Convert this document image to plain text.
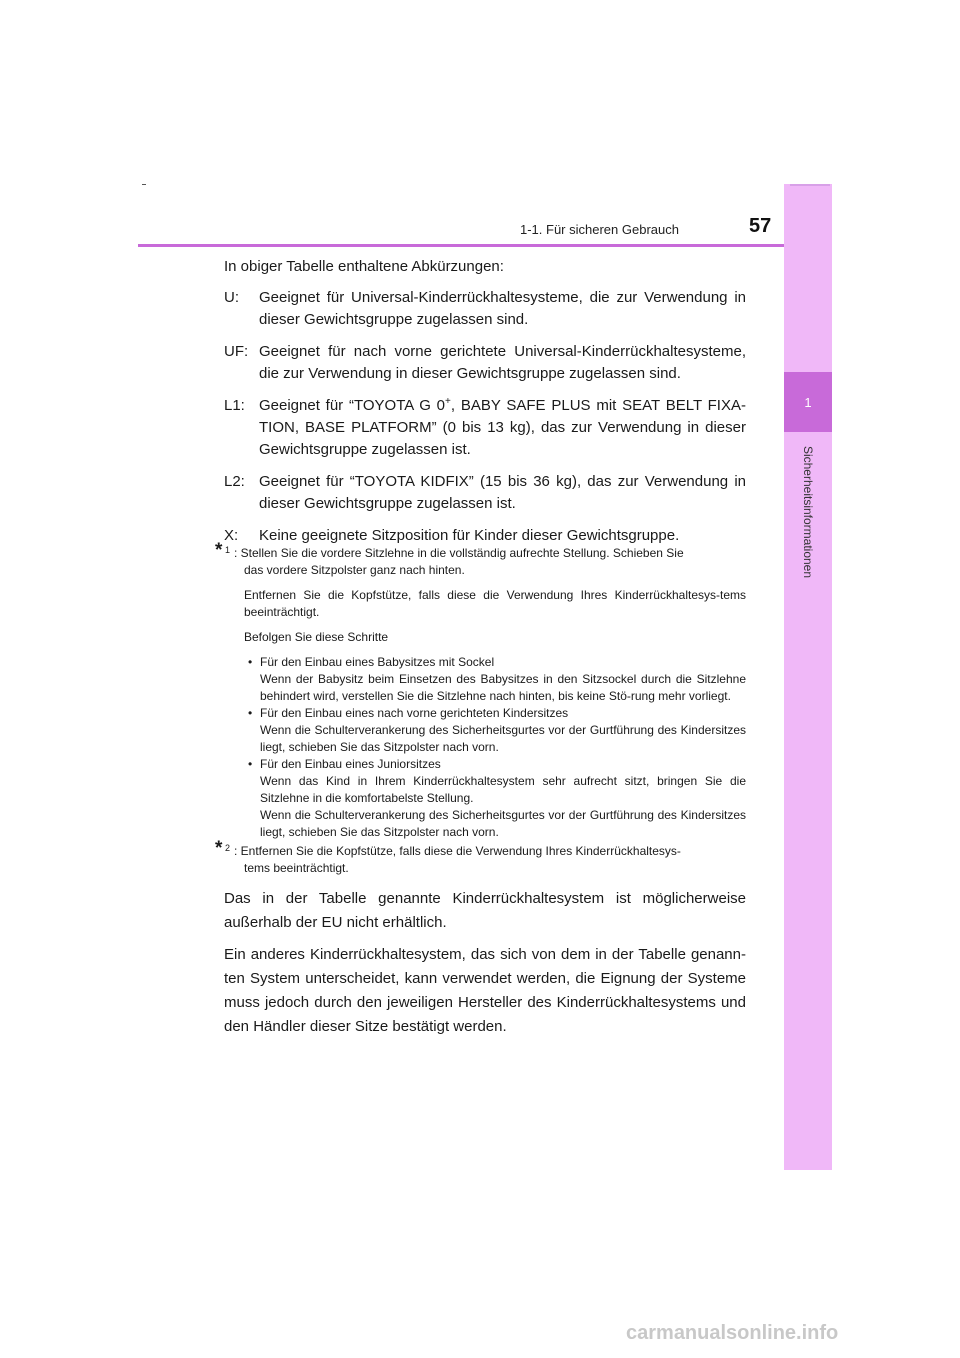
1-1. Für sicheren Gebrauch	57
1
Sicherheitsinformationen

In obiger Tabelle enthaltene Abkürzungen:

U:	Geeignet für Universal-Kinderrückhaltesysteme, die zur Verwendung in dieser Gewichtsgruppe zugelassen sind.
UF: Geeignet für nach vorne gerichtete Universal-Kinderrückhaltesysteme, die zur Verwendung in dieser Gewichtsgruppe zugelassen sind.
L1: Geeignet für “TOYOTA G 0+, BABY SAFE PLUS mit SEAT BELT FIXA-TION, BASE PLATFORM” (0 bis 13 kg), das zur Verwendung in dieser Gewichtsgruppe zugelassen ist.
L2: Geeignet für “TOYOTA KIDFIX” (15 bis 36 kg), das zur Verwendung in dieser Gewichtsgruppe zugelassen ist.
X:	Keine geeignete Sitzposition für Kinder dieser Gewichtsgruppe.
* 1 : Stellen Sie die vordere Sitzlehne in die vollständig aufrechte Stellung. Schieben Sie
das vordere Sitzpolster ganz nach hinten.

Entfernen Sie die Kopfstütze, falls diese die Verwendung Ihres Kinderrückhaltesys-tems beeinträchtigt.

Befolgen Sie diese Schritte

• Für den Einbau eines Babysitzes mit Sockel
Wenn der Babysitz beim Einsetzen des Babysitzes in den Sitzsockel durch die Sitzlehne behindert wird, verstellen Sie die Sitzlehne nach hinten, bis keine Stö-rung mehr vorliegt.
• Für den Einbau eines nach vorne gerichteten Kindersitzes
Wenn die Schulterverankerung des Sicherheitsgurtes vor der Gurtführung des Kindersitzes liegt, schieben Sie das Sitzpolster nach vorn.
• Für den Einbau eines Juniorsitzes
Wenn das Kind in Ihrem Kinderrückhaltesystem sehr aufrecht sitzt, bringen Sie die Sitzlehne in die komfortabelste Stellung.
Wenn die Schulterverankerung des Sicherheitsgurtes vor der Gurtführung des Kindersitzes liegt, schieben Sie das Sitzpolster nach vorn.
* 2 : Entfernen Sie die Kopfstütze, falls diese die Verwendung Ihres Kinderrückhaltesys-
tems beeinträchtigt.

Das in der Tabelle genannte Kinderrückhaltesystem ist möglicherweise außerhalb der EU nicht erhältlich.

Ein anderes Kinderrückhaltesystem, das sich von dem in der Tabelle genann-ten System unterscheidet, kann verwendet werden, die Eignung der Systeme muss jedoch durch den jeweiligen Hersteller des Kinderrückhaltesystems und den Händler dieser Sitze bestätigt werden.

carmanualsonline.info
